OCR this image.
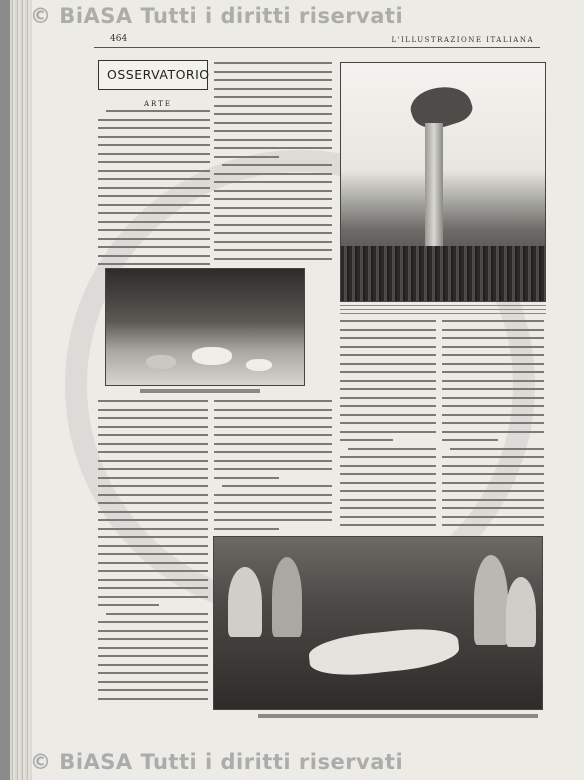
© BiASA Tutti i diritti riservati
464	L'ILLUSTRAZIONE ITALIANA
OSSERVATORIO
ARTE
© BiASA Tutti i diritti riservati
